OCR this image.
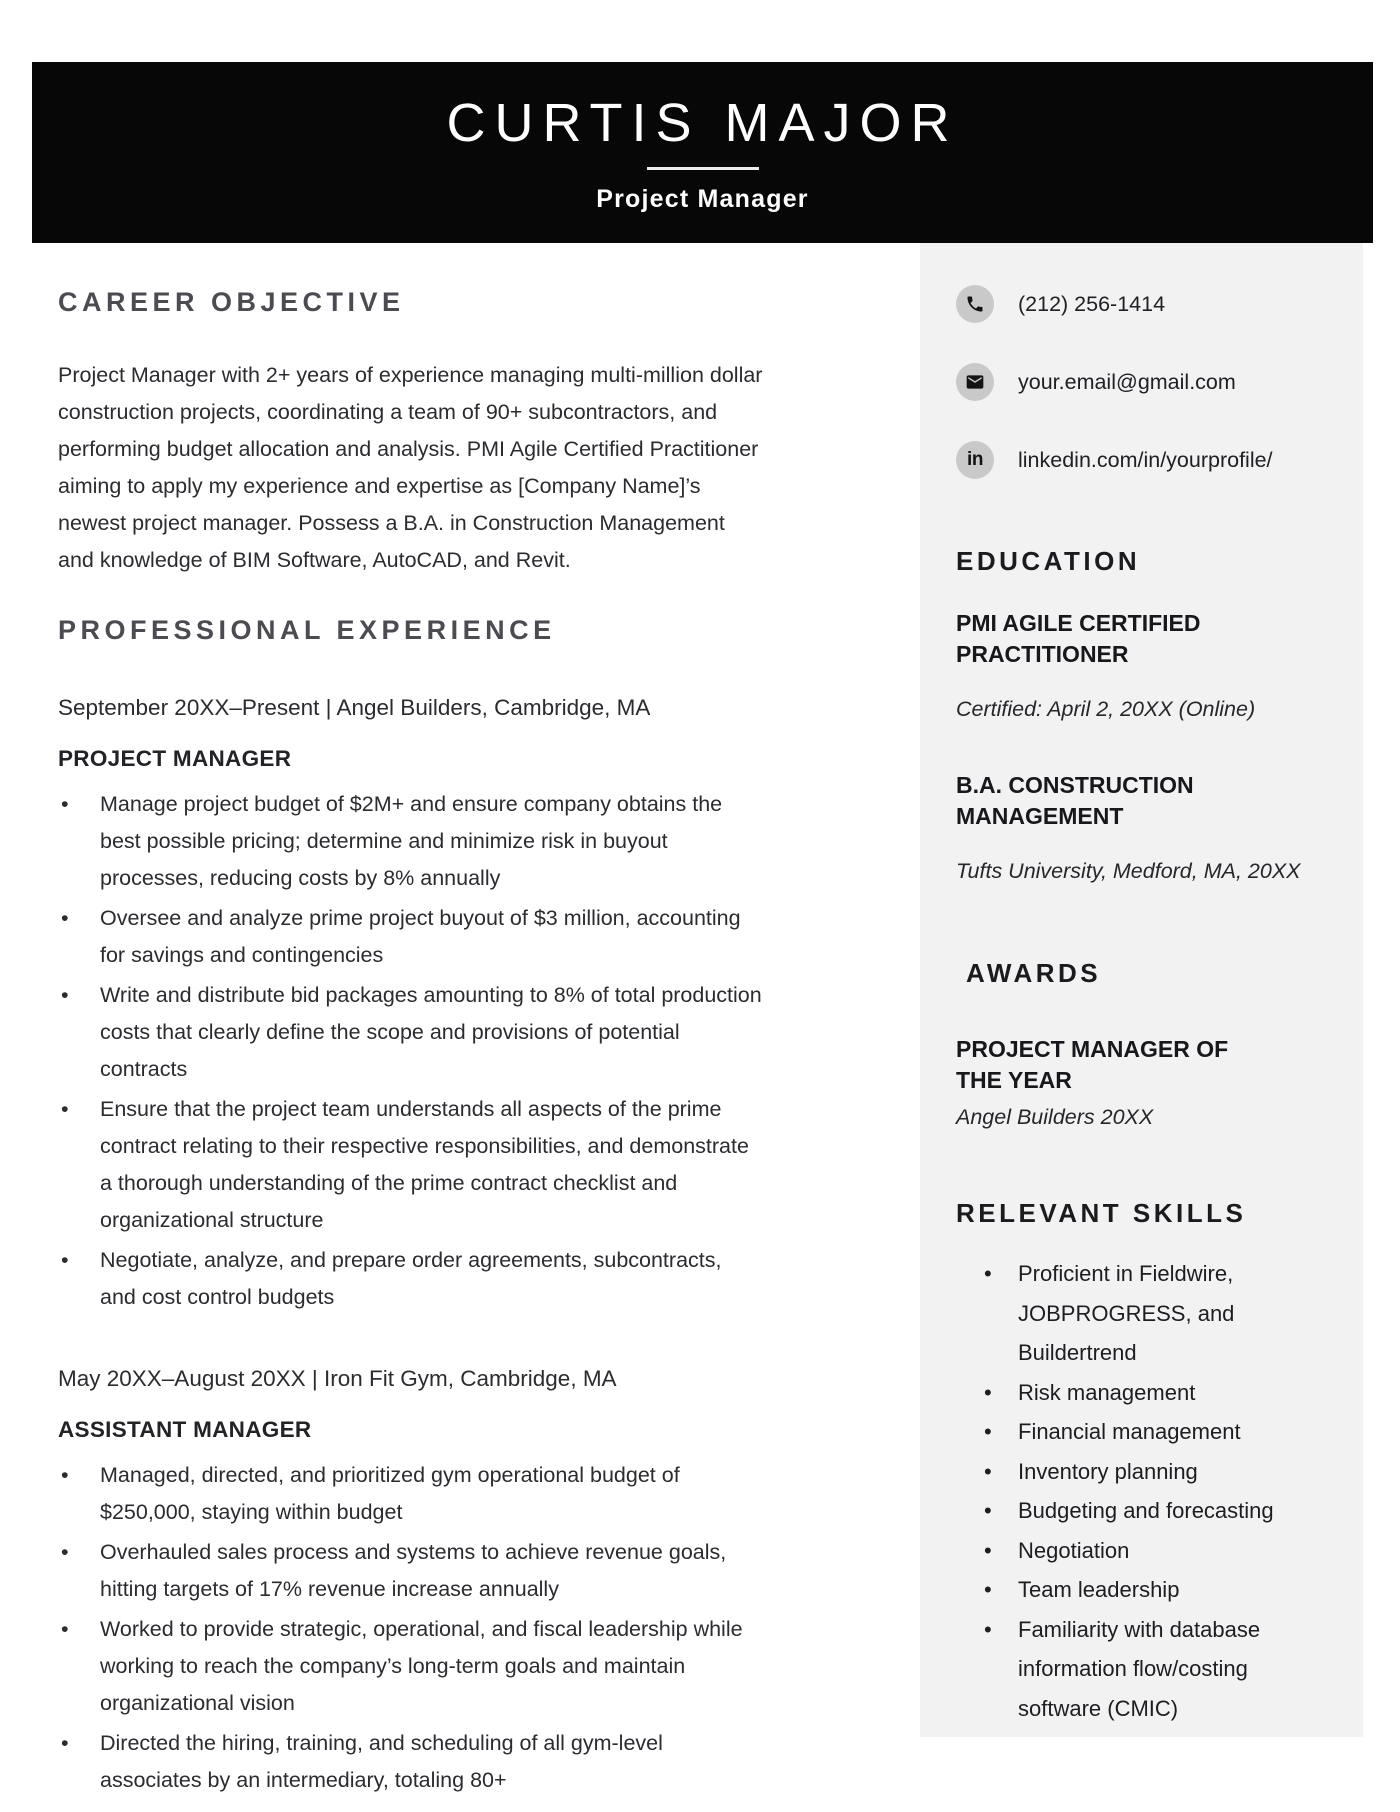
CURTIS MAJOR
Project Manager
CAREER OBJECTIVE
Project Manager with 2+ years of experience managing multi-million dollar construction projects, coordinating a team of 90+ subcontractors, and performing budget allocation and analysis. PMI Agile Certified Practitioner aiming to apply my experience and expertise as [Company Name]’s newest project manager. Possess a B.A. in Construction Management and knowledge of BIM Software, AutoCAD, and Revit.
PROFESSIONAL EXPERIENCE
September 20XX–Present | Angel Builders, Cambridge, MA
PROJECT MANAGER
• Manage project budget of $2M+ and ensure company obtains the best possible pricing; determine and minimize risk in buyout processes, reducing costs by 8% annually
• Oversee and analyze prime project buyout of $3 million, accounting for savings and contingencies
• Write and distribute bid packages amounting to 8% of total production costs that clearly define the scope and provisions of potential contracts
• Ensure that the project team understands all aspects of the prime contract relating to their respective responsibilities, and demonstrate a thorough understanding of the prime contract checklist and organizational structure
• Negotiate, analyze, and prepare order agreements, subcontracts, and cost control budgets
May 20XX–August 20XX | Iron Fit Gym, Cambridge, MA
ASSISTANT MANAGER
• Managed, directed, and prioritized gym operational budget of $250,000, staying within budget
• Overhauled sales process and systems to achieve revenue goals, hitting targets of 17% revenue increase annually
• Worked to provide strategic, operational, and fiscal leadership while working to reach the company’s long-term goals and maintain organizational vision
• Directed the hiring, training, and scheduling of all gym-level associates by an intermediary, totaling 80+
(212) 256-1414
your.email@gmail.com
in linkedin.com/in/yourprofile/
EDUCATION
PMI AGILE CERTIFIED PRACTITIONER
Certified: April 2, 20XX (Online)
B.A. CONSTRUCTION MANAGEMENT
Tufts University, Medford, MA, 20XX
AWARDS
PROJECT MANAGER OF THE YEAR
Angel Builders 20XX
RELEVANT SKILLS
• Proficient in Fieldwire, JOBPROGRESS, and Buildertrend
• Risk management
• Financial management
• Inventory planning
• Budgeting and forecasting
• Negotiation
• Team leadership
• Familiarity with database information flow/costing software (CMIC)
